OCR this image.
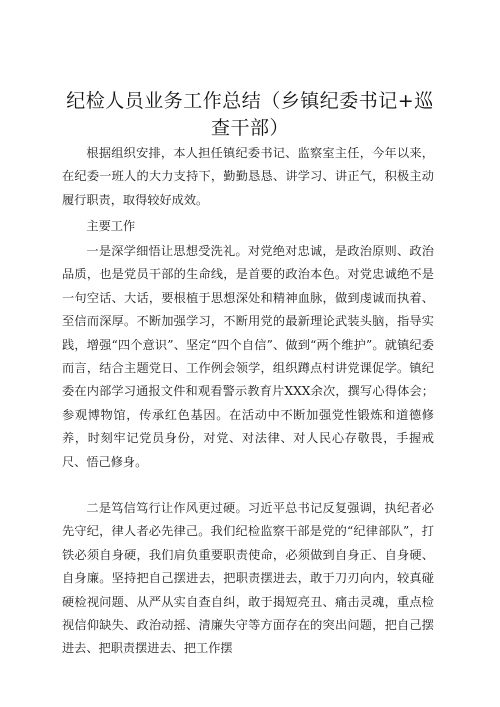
纪检人员业务工作总结（乡镇纪委书记+巡查干部）

根据组织安排，本人担任镇纪委书记、监察室主任，今年以来，在纪委一班人的大力支持下，勤勤恳恳、讲学习、讲正气，积极主动履行职责，取得较好成效。

主要工作

一是深学细悟让思想受洗礼。对党绝对忠诚，是政治原则、政治品质，也是党员干部的生命线，是首要的政治本色。对党忠诚绝不是一句空话、大话，要根植于思想深处和精神血脉，做到虔诚而执着、至信而深厚。不断加强学习，不断用党的最新理论武装头脑，指导实践，增强“四个意识”、坚定“四个自信”、做到“两个维护”。就镇纪委而言，结合主题党日、工作例会领学，组织蹲点村讲党课促学。镇纪委在内部学习通报文件和观看警示教育片XXX余次，撰写心得体会；参观博物馆，传承红色基因。在活动中不断加强党性锻炼和道德修养，时刻牢记党员身份，对党、对法律、对人民心存敬畏，手握戒尺、悟己修身。

二是笃信笃行让作风更过硬。习近平总书记反复强调，执纪者必先守纪，律人者必先律己。我们纪检监察干部是党的“纪律部队”，打铁必须自身硬，我们肩负重要职责使命，必须做到自身正、自身硬、自身廉。坚持把自己摆进去，把职责摆进去，敢于刀刃向内，较真碰硬检视问题、从严从实自查自纠，敢于揭短亮丑、痛击灵魂，重点检视信仰缺失、政治动摇、清廉失守等方面存在的突出问题，把自己摆进去、把职责摆进去、把工作摆
